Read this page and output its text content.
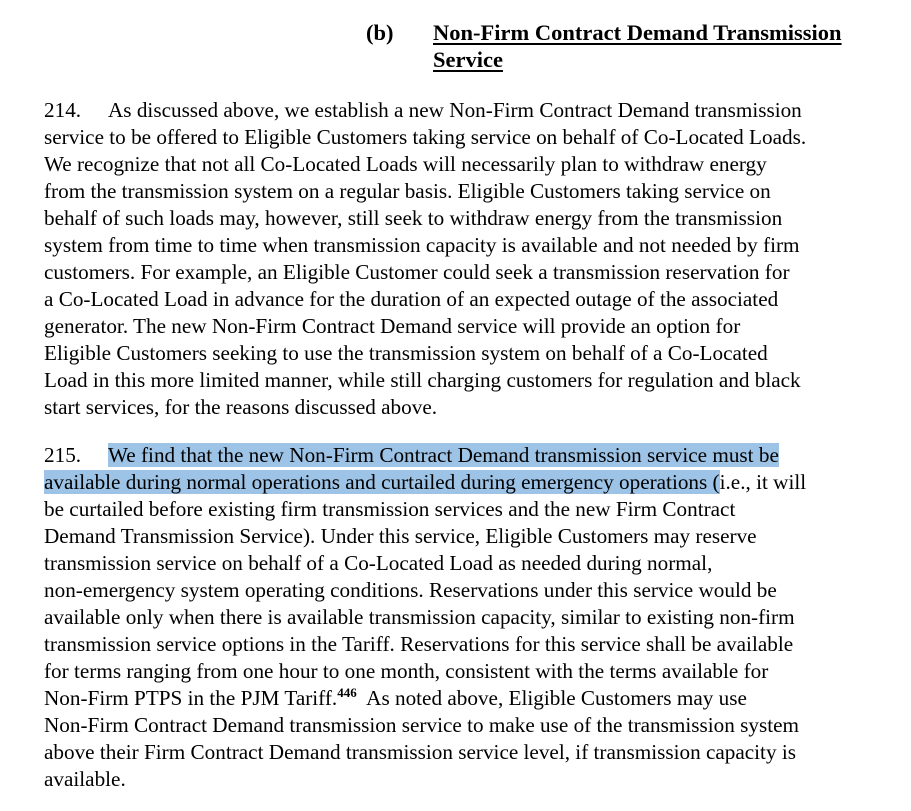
(b) Non-Firm Contract Demand Transmission
Service
214. As discussed above, we establish a new Non-Firm Contract Demand transmission
service to be offered to Eligible Customers taking service on behalf of Co-Located Loads.
We recognize that not all Co-Located Loads will necessarily plan to withdraw energy
from the transmission system on a regular basis. Eligible Customers taking service on
behalf of such loads may, however, still seek to withdraw energy from the transmission
system from time to time when transmission capacity is available and not needed by firm
customers. For example, an Eligible Customer could seek a transmission reservation for
a Co-Located Load in advance for the duration of an expected outage of the associated
generator. The new Non-Firm Contract Demand service will provide an option for
Eligible Customers seeking to use the transmission system on behalf of a Co-Located
Load in this more limited manner, while still charging customers for regulation and black
start services, for the reasons discussed above.
215. We find that the new Non-Firm Contract Demand transmission service must be
available during normal operations and curtailed during emergency operations (i.e., it will
be curtailed before existing firm transmission services and the new Firm Contract
Demand Transmission Service). Under this service, Eligible Customers may reserve
transmission service on behalf of a Co-Located Load as needed during normal,
non-emergency system operating conditions. Reservations under this service would be
available only when there is available transmission capacity, similar to existing non-firm
transmission service options in the Tariff. Reservations for this service shall be available
for terms ranging from one hour to one month, consistent with the terms available for
Non-Firm PTPS in the PJM Tariff.$^{446}$  As noted above, Eligible Customers may use
Non-Firm Contract Demand transmission service to make use of the transmission system
above their Firm Contract Demand transmission service level, if transmission capacity is
available.
